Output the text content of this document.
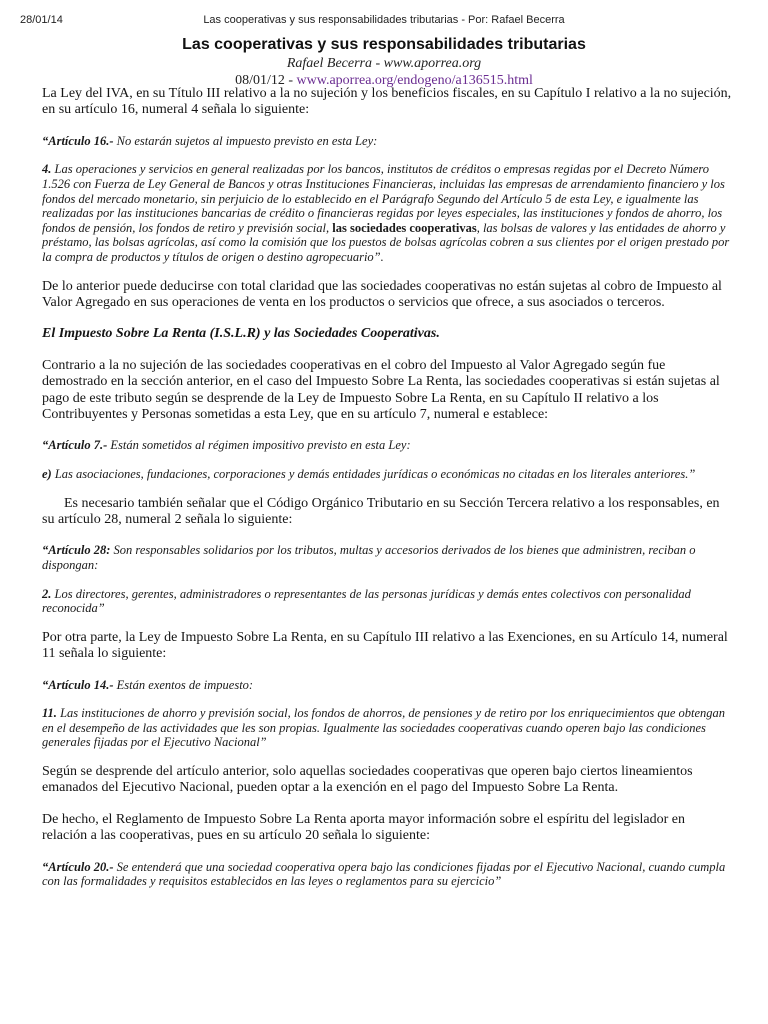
28/01/14	Las cooperativas y sus responsabilidades tributarias - Por: Rafael Becerra
Las cooperativas y sus responsabilidades tributarias
Rafael Becerra - www.aporrea.org
08/01/12 - www.aporrea.org/endogeno/a136515.html

La Ley del IVA, en su Título III relativo a la no sujeción y los beneficios fiscales, en su Capítulo I relativo a la no sujeción, en su artículo 16, numeral 4 señala lo siguiente:

“Artículo 16.- No estarán sujetos al impuesto previsto en esta Ley:

4. Las operaciones y servicios en general realizadas por los bancos, institutos de créditos o empresas regidas por el Decreto Número 1.526 con Fuerza de Ley General de Bancos y otras Instituciones Financieras, incluidas las empresas de arrendamiento financiero y los fondos del mercado monetario, sin perjuicio de lo establecido en el Parágrafo Segundo del Artículo 5 de esta Ley, e igualmente las realizadas por las instituciones bancarias de crédito o financieras regidas por leyes especiales, las instituciones y fondos de ahorro, los fondos de pensión, los fondos de retiro y previsión social, las sociedades cooperativas, las bolsas de valores y las entidades de ahorro y préstamo, las bolsas agrícolas, así como la comisión que los puestos de bolsas agrícolas cobren a sus clientes por el origen prestado por la compra de productos y títulos de origen o destino agropecuario”.

De lo anterior puede deducirse con total claridad que las sociedades cooperativas no están sujetas al cobro de Impuesto al Valor Agregado en sus operaciones de venta en los productos o servicios que ofrece, a sus asociados o terceros.

El Impuesto Sobre La Renta (I.S.L.R) y las Sociedades Cooperativas.

Contrario a la no sujeción de las sociedades cooperativas en el cobro del Impuesto al Valor Agregado según fue demostrado en la sección anterior, en el caso del Impuesto Sobre La Renta, las sociedades cooperativas si están sujetas al pago de este tributo según se desprende de la Ley de Impuesto Sobre La Renta, en su Capítulo II relativo a los Contribuyentes y Personas sometidas a esta Ley, que en su artículo 7, numeral e establece:

“Artículo 7.- Están sometidos al régimen impositivo previsto en esta Ley:

e) Las asociaciones, fundaciones, corporaciones y demás entidades jurídicas o económicas no citadas en los literales anteriores.”

Es necesario también señalar que el Código Orgánico Tributario en su Sección Tercera relativo a los responsables, en su artículo 28, numeral 2 señala lo siguiente:

“Artículo 28: Son responsables solidarios por los tributos, multas y accesorios derivados de los bienes que administren, reciban o dispongan:

2. Los directores, gerentes, administradores o representantes de las personas jurídicas y demás entes colectivos con personalidad reconocida”

Por otra parte, la Ley de Impuesto Sobre La Renta, en su Capítulo III relativo a las Exenciones, en su Artículo 14, numeral 11 señala lo siguiente:

“Artículo 14.- Están exentos de impuesto:

11. Las instituciones de ahorro y previsión social, los fondos de ahorros, de pensiones y de retiro por los enriquecimientos que obtengan en el desempeño de las actividades que les son propias. Igualmente las sociedades cooperativas cuando operen bajo las condiciones generales fijadas por el Ejecutivo Nacional”

Según se desprende del artículo anterior, solo aquellas sociedades cooperativas que operen bajo ciertos lineamientos emanados del Ejecutivo Nacional, pueden optar a la exención en el pago del Impuesto Sobre La Renta.

De hecho, el Reglamento de Impuesto Sobre La Renta aporta mayor información sobre el espíritu del legislador en relación a las cooperativas, pues en su artículo 20 señala lo siguiente:

“Artículo 20.- Se entenderá que una sociedad cooperativa opera bajo las condiciones fijadas por el Ejecutivo Nacional, cuando cumpla con las formalidades y requisitos establecidos en las leyes o reglamentos para su ejercicio”
